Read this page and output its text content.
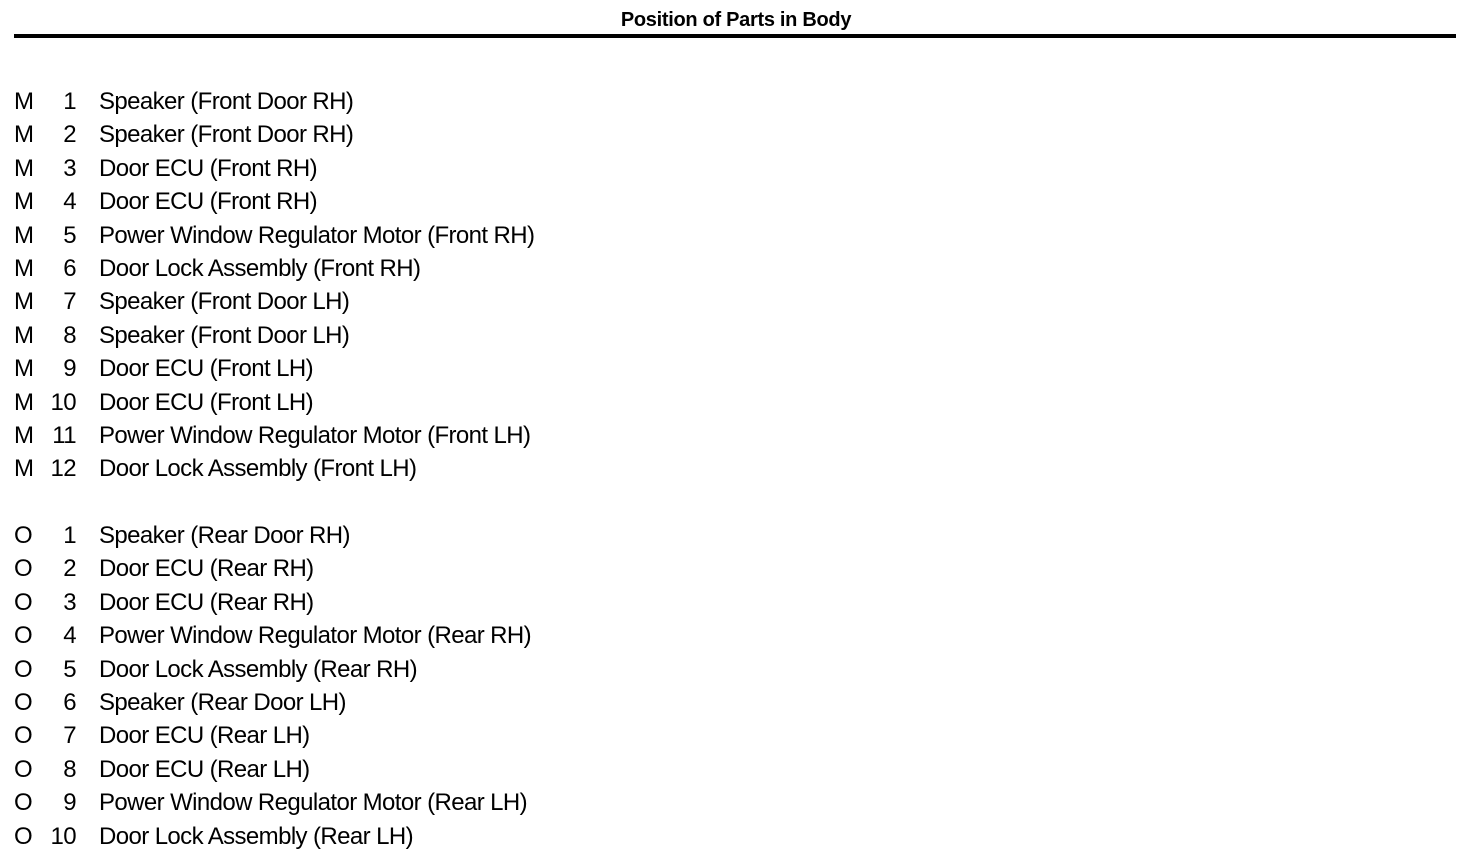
Position of Parts in Body
M	1 Speaker (Front Door RH)
M	2 Speaker (Front Door RH)
M	3 Door ECU (Front RH)
M	4 Door ECU (Front RH)
M	5 Power Window Regulator Motor (Front RH)
M	6 Door Lock Assembly (Front RH)
M	7 Speaker (Front Door LH)
M	8 Speaker (Front Door LH)
M	9 Door ECU (Front LH)
M 10 Door ECU (Front LH)
M 11 Power Window Regulator Motor (Front LH)
M 12 Door Lock Assembly (Front LH)
O	1 Speaker (Rear Door RH)
O	2 Door ECU (Rear RH)
O	3 Door ECU (Rear RH)
O	4 Power Window Regulator Motor (Rear RH)
O	5 Door Lock Assembly (Rear RH)
O	6 Speaker (Rear Door LH)
O	7 Door ECU (Rear LH)
O	8 Door ECU (Rear LH)
O	9 Power Window Regulator Motor (Rear LH)
O 10 Door Lock Assembly (Rear LH)
